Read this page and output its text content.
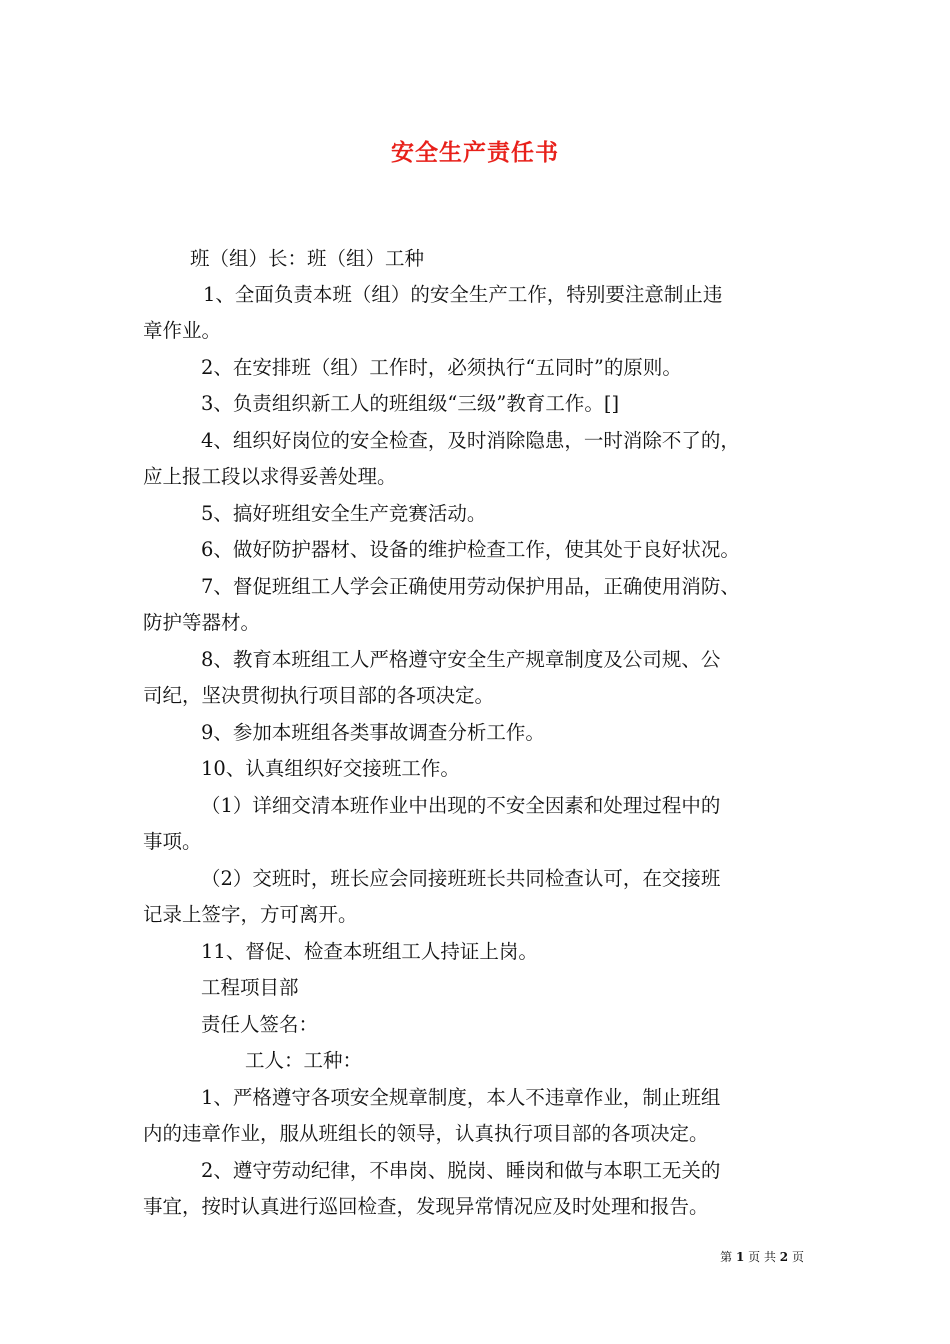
安全生产责任书
班（组）长：班（组）工种
1、全面负责本班（组）的安全生产工作，特别要注意制止违
章作业。
2、在安排班（组）工作时，必须执行“五同时”的原则。
3、负责组织新工人的班组级“三级”教育工作。[]
4、组织好岗位的安全检查，及时消除隐患，一时消除不了的，
应上报工段以求得妥善处理。
5、搞好班组安全生产竞赛活动。
6、做好防护器材、设备的维护检查工作，使其处于良好状况。
7、督促班组工人学会正确使用劳动保护用品，正确使用消防、
防护等器材。
8、教育本班组工人严格遵守安全生产规章制度及公司规、公
司纪，坚决贯彻执行项目部的各项决定。
9、参加本班组各类事故调查分析工作。
10、认真组织好交接班工作。
（1）详细交清本班作业中出现的不安全因素和处理过程中的
事项。
（2）交班时，班长应会同接班班长共同检查认可，在交接班
记录上签字，方可离开。
11、督促、检查本班组工人持证上岗。
工程项目部
责任人签名：
工人：工种：
1、严格遵守各项安全规章制度，本人不违章作业，制止班组
内的违章作业，服从班组长的领导，认真执行项目部的各项决定。
2、遵守劳动纪律，不串岗、脱岗、睡岗和做与本职工无关的
事宜，按时认真进行巡回检查，发现异常情况应及时处理和报告。
第 1 页 共 2 页
